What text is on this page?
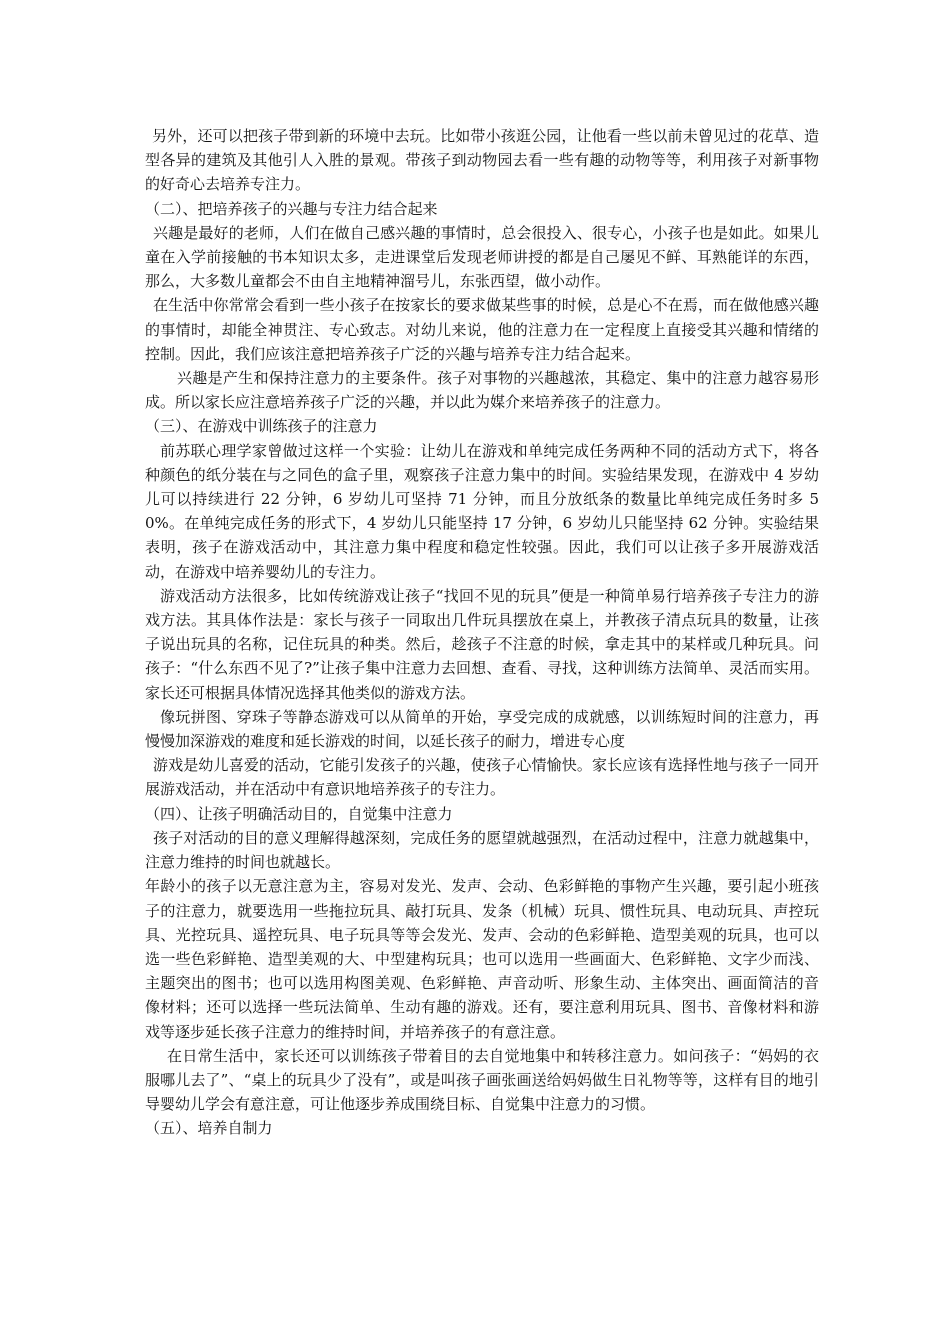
另外，还可以把孩子带到新的环境中去玩。比如带小孩逛公园，让他看一些以前未曾见过的花草、造型各异的建筑及其他引人入胜的景观。带孩子到动物园去看一些有趣的动物等等，利用孩子对新事物的好奇心去培养专注力。

（二）、把培养孩子的兴趣与专注力结合起来

兴趣是最好的老师，人们在做自己感兴趣的事情时，总会很投入、很专心，小孩子也是如此。如果儿童在入学前接触的书本知识太多，走进课堂后发现老师讲授的都是自己屡见不鲜、耳熟能详的东西，那么，大多数儿童都会不由自主地精神溜号儿，东张西望，做小动作。

在生活中你常常会看到一些小孩子在按家长的要求做某些事的时候，总是心不在焉，而在做他感兴趣的事情时，却能全神贯注、专心致志。对幼儿来说，他的注意力在一定程度上直接受其兴趣和情绪的控制。因此，我们应该注意把培养孩子广泛的兴趣与培养专注力结合起来。

兴趣是产生和保持注意力的主要条件。孩子对事物的兴趣越浓，其稳定、集中的注意力越容易形成。所以家长应注意培养孩子广泛的兴趣，并以此为媒介来培养孩子的注意力。

（三）、在游戏中训练孩子的注意力

前苏联心理学家曾做过这样一个实验：让幼儿在游戏和单纯完成任务两种不同的活动方式下，将各种颜色的纸分装在与之同色的盒子里，观察孩子注意力集中的时间。实验结果发现，在游戏中 4 岁幼儿可以持续进行 22 分钟，6 岁幼儿可坚持 71 分钟，而且分放纸条的数量比单纯完成任务时多 50%。在单纯完成任务的形式下，4 岁幼儿只能坚持 17 分钟，6 岁幼儿只能坚持 62 分钟。实验结果表明，孩子在游戏活动中，其注意力集中程度和稳定性较强。因此，我们可以让孩子多开展游戏活动，在游戏中培养婴幼儿的专注力。

游戏活动方法很多，比如传统游戏让孩子“找回不见的玩具”便是一种简单易行培养孩子专注力的游戏方法。其具体作法是：家长与孩子一同取出几件玩具摆放在桌上，并教孩子清点玩具的数量，让孩子说出玩具的名称，记住玩具的种类。然后，趁孩子不注意的时候，拿走其中的某样或几种玩具。问孩子：“什么东西不见了?”让孩子集中注意力去回想、查看、寻找，这种训练方法简单、灵活而实用。家长还可根据具体情况选择其他类似的游戏方法。

像玩拼图、穿珠子等静态游戏可以从简单的开始，享受完成的成就感，以训练短时间的注意力，再慢慢加深游戏的难度和延长游戏的时间，以延长孩子的耐力，增进专心度

游戏是幼儿喜爱的活动，它能引发孩子的兴趣，使孩子心情愉快。家长应该有选择性地与孩子一同开展游戏活动，并在活动中有意识地培养孩子的专注力。

（四）、让孩子明确活动目的，自觉集中注意力

孩子对活动的目的意义理解得越深刻，完成任务的愿望就越强烈，在活动过程中，注意力就越集中，注意力维持的时间也就越长。

年龄小的孩子以无意注意为主，容易对发光、发声、会动、色彩鲜艳的事物产生兴趣，要引起小班孩子的注意力，就要选用一些拖拉玩具、敲打玩具、发条（机械）玩具、惯性玩具、电动玩具、声控玩具、光控玩具、遥控玩具、电子玩具等等会发光、发声、会动的色彩鲜艳、造型美观的玩具，也可以选一些色彩鲜艳、造型美观的大、中型建构玩具；也可以选用一些画面大、色彩鲜艳、文字少而浅、主题突出的图书；也可以选用构图美观、色彩鲜艳、声音动听、形象生动、主体突出、画面简洁的音像材料；还可以选择一些玩法简单、生动有趣的游戏。还有，要注意利用玩具、图书、音像材料和游戏等逐步延长孩子注意力的维持时间，并培养孩子的有意注意。

在日常生活中，家长还可以训练孩子带着目的去自觉地集中和转移注意力。如问孩子：“妈妈的衣服哪儿去了”、“桌上的玩具少了没有”，或是叫孩子画张画送给妈妈做生日礼物等等，这样有目的地引导婴幼儿学会有意注意，可让他逐步养成围绕目标、自觉集中注意力的习惯。

（五）、培养自制力
